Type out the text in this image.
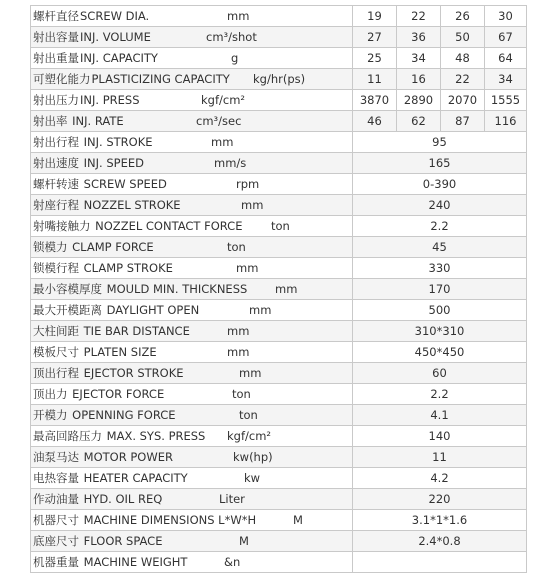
螺杆直径SCREW DIA. mm	19	22	26	30
射出容量INJ. VOLUME cm³/shot	27	36	50	67
射出重量INJ. CAPACITY g	25	34	48	64
可塑化能力PLASTICIZING CAPACITY kg/hr(ps)	11	16	22	34
射出压力INJ. PRESS kgf/cm²	3870	2890	2070	1555
射出率 INJ. RATE cm³/sec	46	62	87	116
射出行程 INJ. STROKE mm	95			
射出速度 INJ. SPEED mm/s	165			
螺杆转速 SCREW SPEED rpm	0-390			
射座行程 NOZZEL STROKE mm	240			
射嘴接触力 NOZZEL CONTACT FORCE ton	2.2			
锁模力 CLAMP FORCE ton	45			
锁模行程 CLAMP STROKE mm	330			
最小容模厚度 MOULD MIN. THICKNESS mm	170			
最大开模距离 DAYLIGHT OPEN mm	500			
大柱间距 TIE BAR DISTANCE mm	310*310			
模板尺寸 PLATEN SIZE mm	450*450			
顶出行程 EJECTOR STROKE mm	60			
顶出力 EJECTOR FORCE ton	2.2			
开模力 OPENNING FORCE ton	4.1			
最高回路压力 MAX. SYS. PRESS kgf/cm²	140			
油泵马达 MOTOR POWER kw(hp)	11			
电热容量 HEATER CAPACITY kw	4.2			
作动油量 HYD. OIL REQ Liter	220			
机器尺寸 MACHINE DIMENSIONS L*W*H M	3.1*1*1.6			
底座尺寸 FLOOR SPACE M	2.4*0.8			
机器重量 MACHINE WEIGHT &n				
